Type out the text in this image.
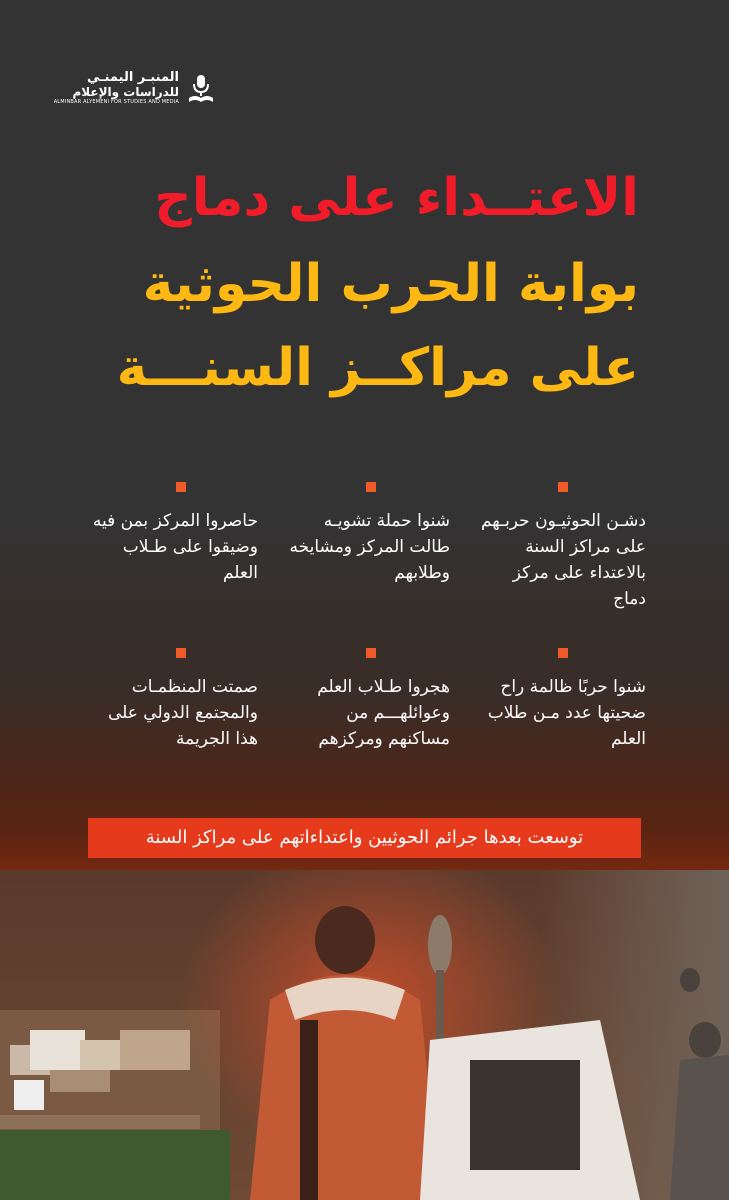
المنبـر اليمنـي
للدراسات والإعلام
ALMINBAR ALYEMENI FOR STUDIES AND MEDIA
الاعتــداء على دماج
بوابة الحرب الحوثية
على مراكــز السنـــة
دشـن الحوثيـون حربـهم على مراكز السنة بالاعتداء على مركز دماج
شنوا حملة تشويـه طالت المركز ومشايخه وطلابهم
حاصروا المركز بمن فيه وضيقوا على طـلاب العلم
شنوا حربًا ظالمة راح ضحيتها عدد مـن طلاب العلم
هجروا طـلاب العلم وعوائلهـــم من مساكنهم ومركزهم
صمتت المنظمـات والمجتمع الدولي على هذا الجريمة
توسعت بعدها جرائم الحوثيين واعتداءاتهم على مراكز السنة
